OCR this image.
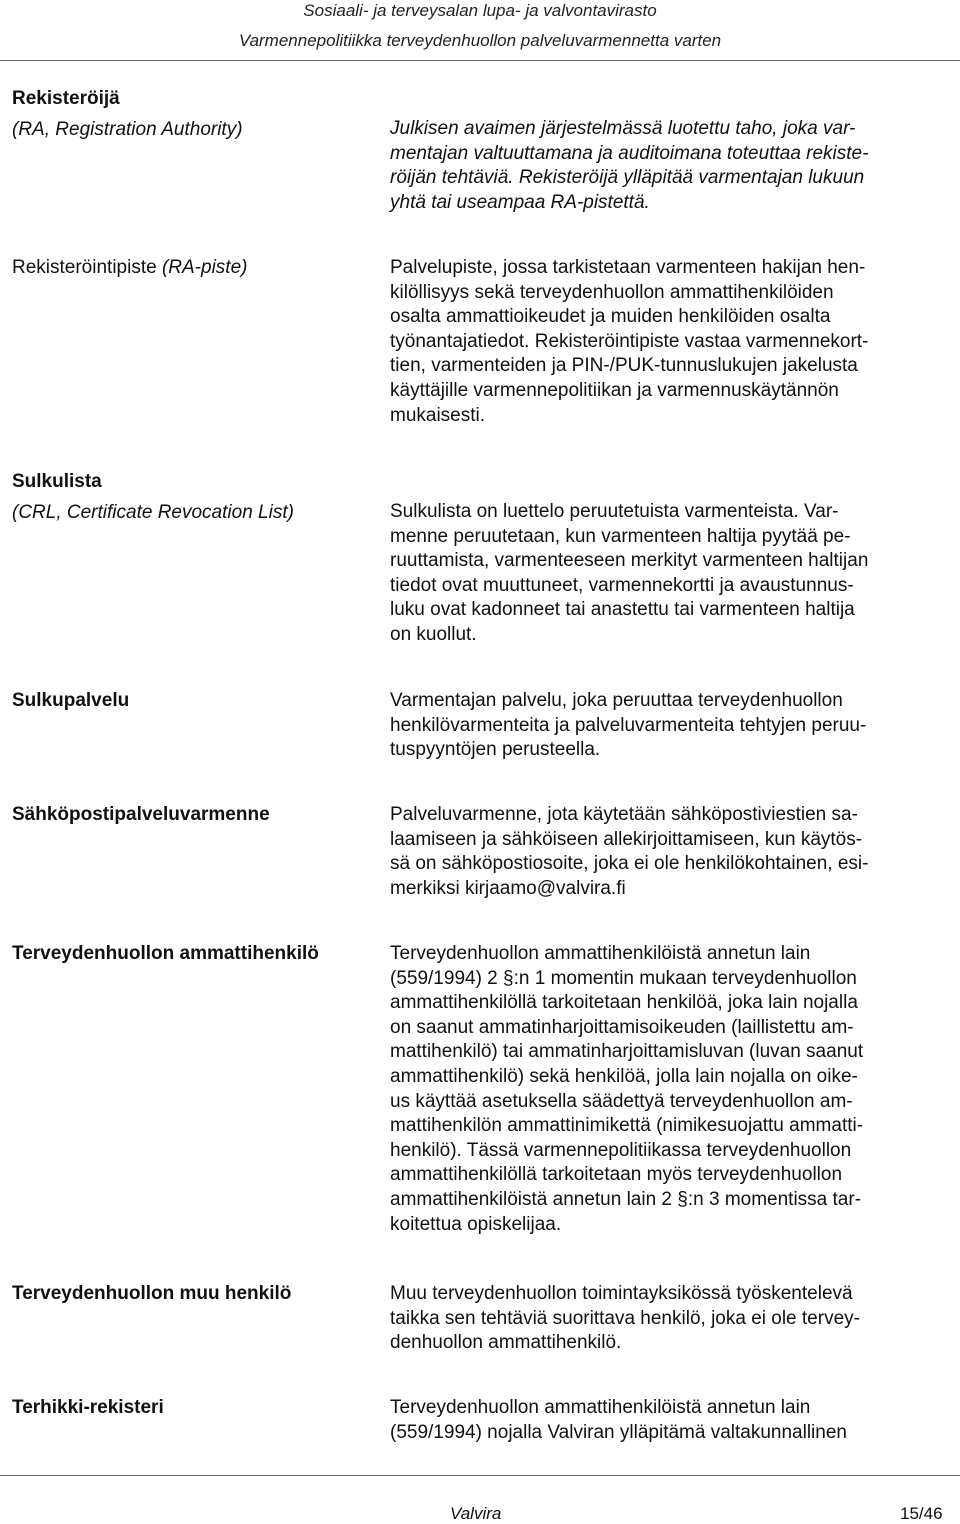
Sosiaali- ja terveysalan lupa- ja valvontavirasto
Varmennepolitiikka terveydenhuollon palveluvarmennetta varten
Rekisteröijä
(RA, Registration Authority)	Julkisen avaimen järjestelmässä luotettu taho, joka var-
mentajan valtuuttamana ja auditoimana toteuttaa rekiste-
röijän tehtäviä. Rekisteröijä ylläpitää varmentajan lukuun
yhtä tai useampaa RA-pistettä.
Rekisteröintipiste (RA-piste)	Palvelupiste, jossa tarkistetaan varmenteen hakijan hen-
kilöllisyys sekä terveydenhuollon ammattihenkilöiden
osalta ammattioikeudet ja muiden henkilöiden osalta
työnantajatiedot. Rekisteröintipiste vastaa varmennekort-
tien, varmenteiden ja PIN-/PUK-tunnuslukujen jakelusta
käyttäjille varmennepolitiikan ja varmennuskäytännön
mukaisesti.
Sulkulista
(CRL, Certificate Revocation List)	Sulkulista on luettelo peruutetuista varmenteista. Var-
menne peruutetaan, kun varmenteen haltija pyytää pe-
ruuttamista, varmenteeseen merkityt varmenteen haltijan
tiedot ovat muuttuneet, varmennekortti ja avaustunnus-
luku ovat kadonneet tai anastettu tai varmenteen haltija
on kuollut.
Sulkupalvelu	Varmentajan palvelu, joka peruuttaa terveydenhuollon
henkilövarmenteita ja palveluvarmenteita tehtyjen peruu-
tuspyyntöjen perusteella.
Sähköpostipalveluvarmenne	Palveluvarmenne, jota käytetään sähköpostiviestien sa-
laamiseen ja sähköiseen allekirjoittamiseen, kun käytös-
sä on sähköpostiosoite, joka ei ole henkilökohtainen, esi-
merkiksi kirjaamo@valvira.fi
Terveydenhuollon ammattihenkilö	Terveydenhuollon ammattihenkilöistä annetun lain
(559/1994) 2 §:n 1 momentin mukaan terveydenhuollon
ammattihenkilöllä tarkoitetaan henkilöä, joka lain nojalla
on saanut ammatinharjoittamisoikeuden (laillistettu am-
mattihenkilö) tai ammatinharjoittamisluvan (luvan saanut
ammattihenkilö) sekä henkilöä, jolla lain nojalla on oike-
us käyttää asetuksella säädettyä terveydenhuollon am-
mattihenkilön ammattinimikettä (nimikesuojattu ammatti-
henkilö). Tässä varmennepolitiikassa terveydenhuollon
ammattihenkilöllä tarkoitetaan myös terveydenhuollon
ammattihenkilöistä annetun lain 2 §:n 3 momentissa tar-
koitettua opiskelijaa.
Terveydenhuollon muu henkilö	Muu terveydenhuollon toimintayksikössä työskentelevä
taikka sen tehtäviä suorittava henkilö, joka ei ole tervey-
denhuollon ammattihenkilö.
Terhikki-rekisteri	Terveydenhuollon ammattihenkilöistä annetun lain
(559/1994) nojalla Valviran ylläpitämä valtakunnallinen
Valvira	15/46
